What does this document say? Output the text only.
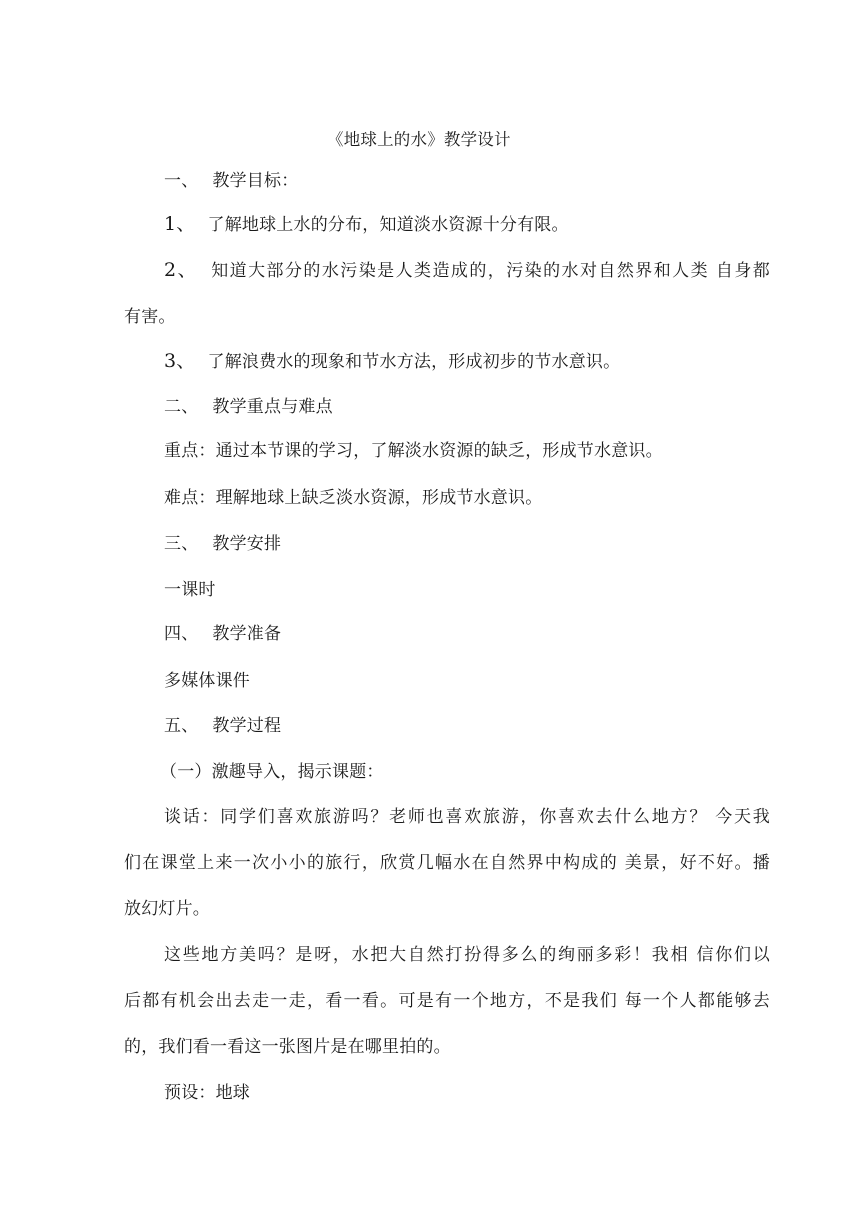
《地球上的水》教学设计
一、 教学目标：
1、 了解地球上水的分布，知道淡水资源十分有限。
2、 知道大部分的水污染是人类造成的，污染的水对自然界和人类 自身都
有害。
3、 了解浪费水的现象和节水方法，形成初步的节水意识。
二、 教学重点与难点
重点：通过本节课的学习，了解淡水资源的缺乏，形成节水意识。
难点：理解地球上缺乏淡水资源，形成节水意识。
三、 教学安排
一课时
四、 教学准备
多媒体课件
五、 教学过程
（一）激趣导入，揭示课题：
谈话：同学们喜欢旅游吗？老师也喜欢旅游，你喜欢去什么地方？ 今天我
们在课堂上来一次小小的旅行，欣赏几幅水在自然界中构成的 美景，好不好。播
放幻灯片。
这些地方美吗？是呀，水把大自然打扮得多么的绚丽多彩！我相 信你们以
后都有机会出去走一走，看一看。可是有一个地方，不是我们 每一个人都能够去
的，我们看一看这一张图片是在哪里拍的。
预设：地球
